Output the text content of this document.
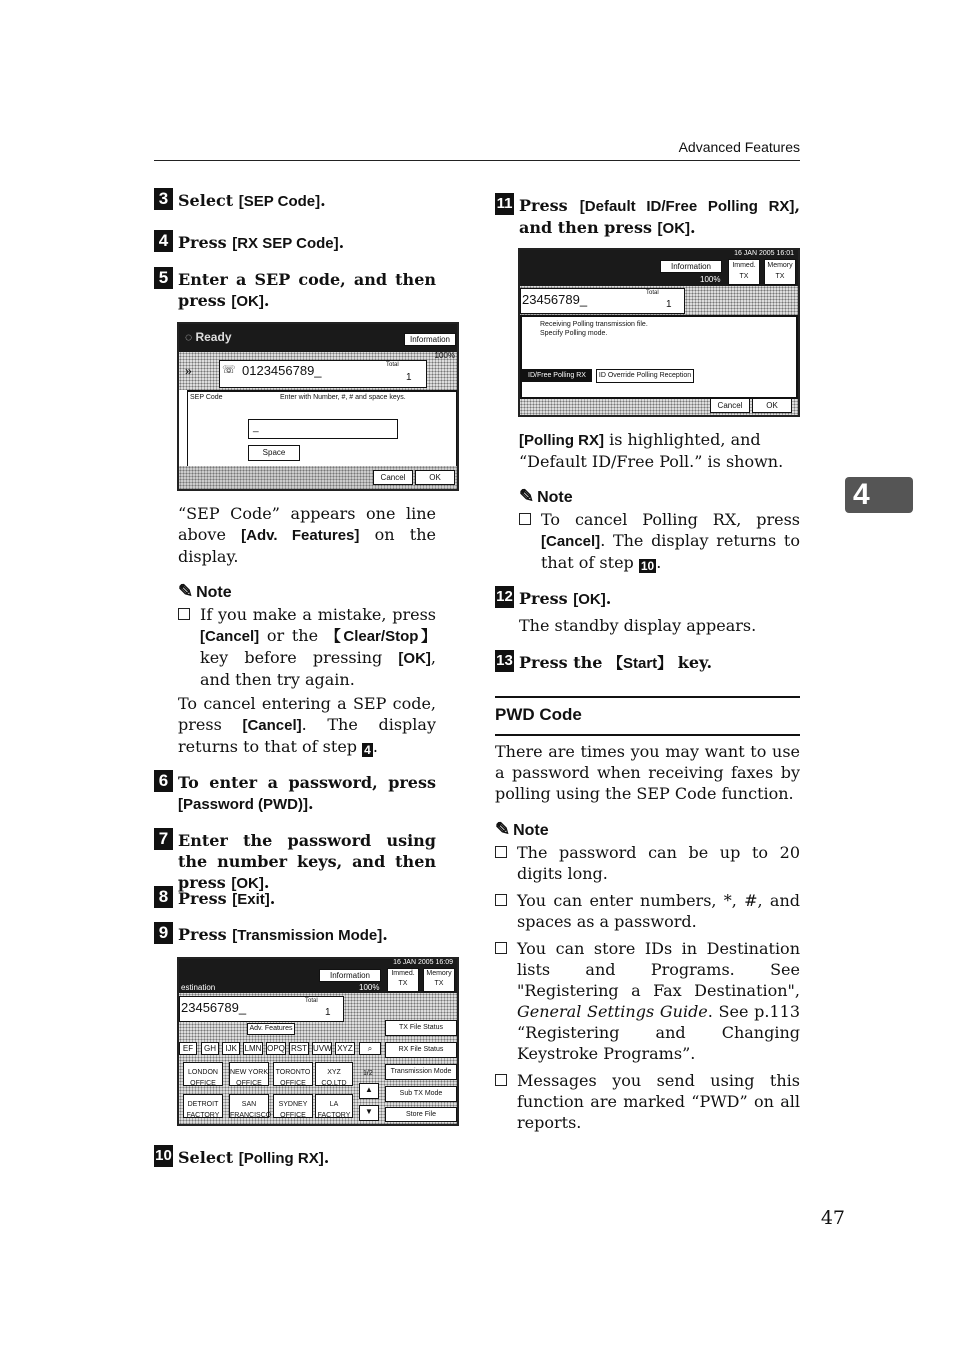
Advanced Features
4

3 Select [SEP Code].

4 Press [RX SEP Code].

5 Enter a SEP code, and then press [OK].

◌ Ready	Information
100%
»	☏ 0123456789_	Total
1
SEP Code	Enter with Number, #, # and space keys.
_
Space
Cancel	OK

“SEP Code” appears one line above [Adv. Features] on the display.

✎ Note

If you make a mistake, press [Cancel] or the 【Clear/Stop】 key before pressing [OK], and then try again.

To cancel entering a SEP code, press [Cancel]. The display returns to that of step 4 .

6 To enter a password, press [Password (PWD)].

7 Enter the password using the number keys, and then press [OK].

8 Press [Exit].

9 Press [Transmission Mode].

16 JAN 2005 16:09
Information	Immed. TX
Memory TX
estination	100%
23456789_	Total
1
Adv. Features
EF	GH	IJK LMN OPQ RST UVW XYZ	⌕
LONDON OFFICE
NEW YORK OFFICE
TORONTO OFFICE
XYZ CO.LTD
DETROIT FACTORY
SAN FRANCISCO
SYDNEY OFFICE
LA FACTORY
1/2
▲
▼
TX File Status
RX File Status
Transmission Mode
Sub TX Mode
Store File

10 Select [Polling RX].

11 Press [Default ID/Free Polling RX], and then press [OK].

16 JAN 2005 16:01
Information	Immed. TX
Memory TX
100%
23456789_	Total
1
Receiving Polling transmission file.
Specify Polling mode.
ID/Free Polling RX	ID Override Polling Reception
Cancel	OK

[Polling RX] is highlighted, and “Default ID/Free Poll.” is shown.

✎ Note

To cancel Polling RX, press [Cancel]. The display returns to that of step 10 .

12 Press [OK].

The standby display appears.

13 Press the 【Start】 key.

PWD Code

There are times you may want to use a password when receiving faxes by polling using the SEP Code function.

✎ Note

The password can be up to 20 digits long.

You can enter numbers, *, #, and spaces as a password.

You can store IDs in Destination lists and Programs. See "Registering a Fax Destination", General Settings Guide. See p.113 “Registering and Changing Keystroke Programs”.

Messages you send using this function are marked “PWD” on all reports.

47
